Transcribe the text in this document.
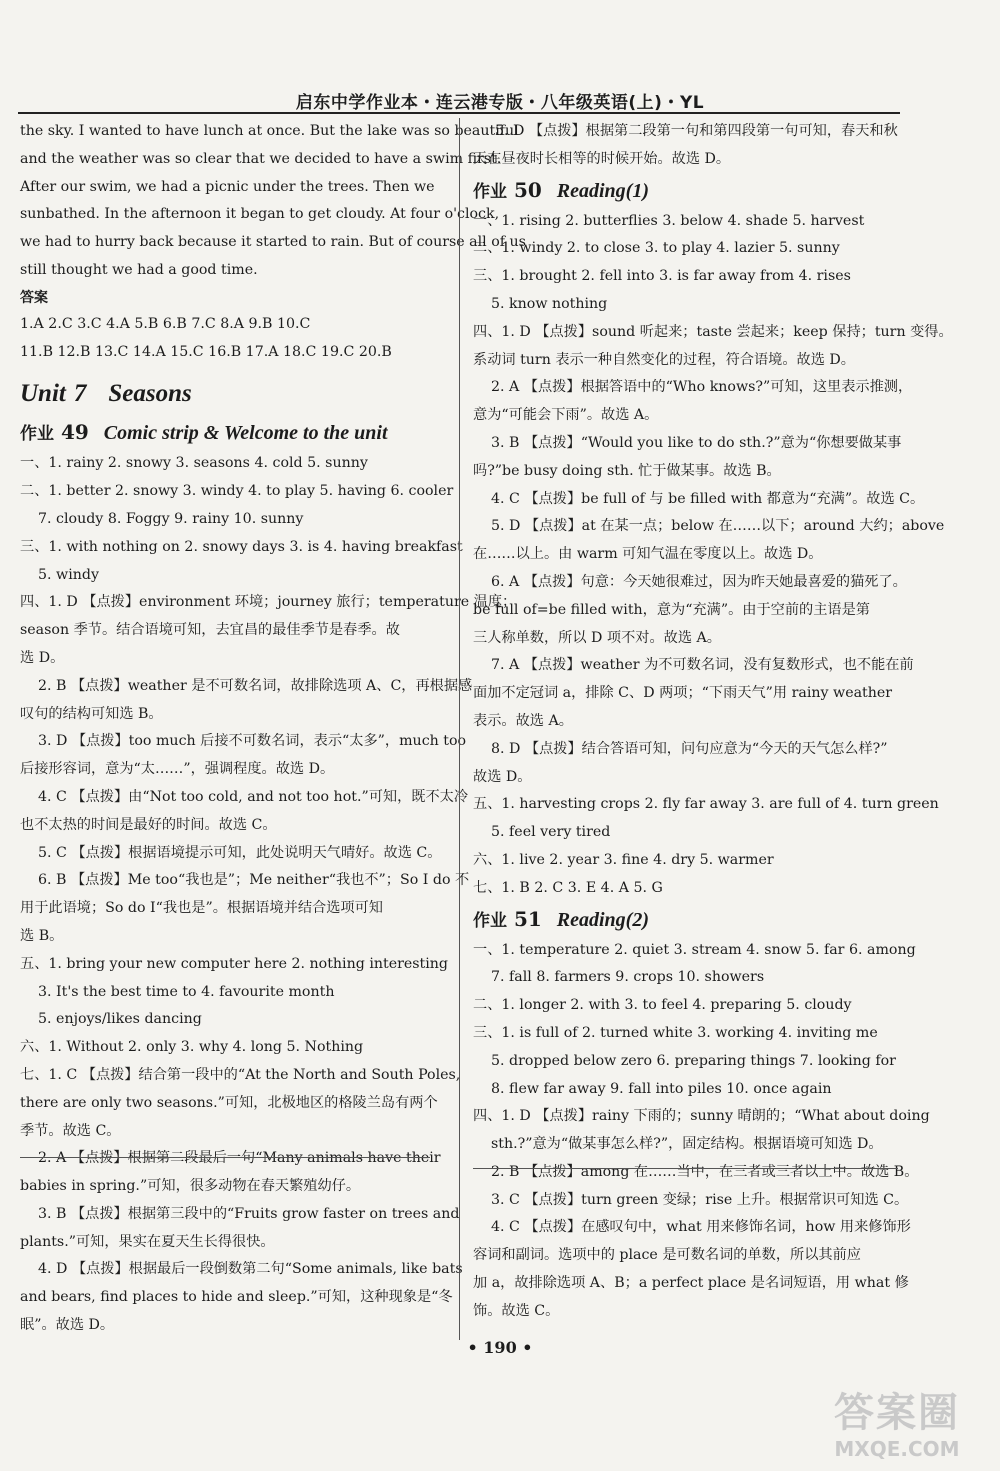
启东中学作业本・连云港专版・八年级英语(上)・YL
the sky. I wanted to have lunch at once. But the lake was so beautiful
and the weather was so clear that we decided to have a swim first.
After our swim, we had a picnic under the trees. Then we
sunbathed. In the afternoon it began to get cloudy. At four o'clock,
we had to hurry back because it started to rain. But of course all of us
still thought we had a good time.
答案
1.A 2.C 3.C 4.A 5.B 6.B 7.C 8.A 9.B 10.C
11.B 12.B 13.C 14.A 15.C 16.B 17.A 18.C 19.C 20.B
Unit 7 Seasons
作业 49 Comic strip & Welcome to the unit
一、1. rainy 2. snowy 3. seasons 4. cold 5. sunny
二、1. better 2. snowy 3. windy 4. to play 5. having 6. cooler
7. cloudy 8. Foggy 9. rainy 10. sunny
三、1. with nothing on 2. snowy days 3. is 4. having breakfast
5. windy
四、1. D 【点拨】environment 环境；journey 旅行；temperature 温度；
season 季节。结合语境可知，去宜昌的最佳季节是春季。故
选 D。
2. B 【点拨】weather 是不可数名词，故排除选项 A、C，再根据感
叹句的结构可知选 B。
3. D 【点拨】too much 后接不可数名词，表示“太多”，much too
后接形容词，意为“太……”，强调程度。故选 D。
4. C 【点拨】由“Not too cold, and not too hot.”可知，既不太冷
也不太热的时间是最好的时间。故选 C。
5. C 【点拨】根据语境提示可知，此处说明天气晴好。故选 C。
6. B 【点拨】Me too“我也是”；Me neither“我也不”；So I do 不
用于此语境；So do I“我也是”。根据语境并结合选项可知
选 B。
五、1. bring your new computer here 2. nothing interesting
3. It's the best time to 4. favourite month
5. enjoys/likes dancing
六、1. Without 2. only 3. why 4. long 5. Nothing
七、1. C 【点拨】结合第一段中的“At the North and South Poles,
there are only two seasons.”可知，北极地区的格陵兰岛有两个
季节。故选 C。
2. A 【点拨】根据第二段最后一句“Many animals have their
babies in spring.”可知，很多动物在春天繁殖幼仔。
3. B 【点拨】根据第三段中的“Fruits grow faster on trees and
plants.”可知，果实在夏天生长得很快。
4. D 【点拨】根据最后一段倒数第二句“Some animals, like bats
and bears, find places to hide and sleep.”可知，这种现象是“冬
眠”。故选 D。
5. D 【点拨】根据第二段第一句和第四段第一句可知，春天和秋
天在昼夜时长相等的时候开始。故选 D。
作业 50 Reading(1)
一、1. rising 2. butterflies 3. below 4. shade 5. harvest
二、1. windy 2. to close 3. to play 4. lazier 5. sunny
三、1. brought 2. fell into 3. is far away from 4. rises
5. know nothing
四、1. D 【点拨】sound 听起来；taste 尝起来；keep 保持；turn 变得。
系动词 turn 表示一种自然变化的过程，符合语境。故选 D。
2. A 【点拨】根据答语中的“Who knows?”可知，这里表示推测，
意为“可能会下雨”。故选 A。
3. B 【点拨】“Would you like to do sth.?”意为“你想要做某事
吗?”be busy doing sth. 忙于做某事。故选 B。
4. C 【点拨】be full of 与 be filled with 都意为“充满”。故选 C。
5. D 【点拨】at 在某一点；below 在……以下；around 大约；above
在……以上。由 warm 可知气温在零度以上。故选 D。
6. A 【点拨】句意：今天她很难过，因为昨天她最喜爱的猫死了。
be full of=be filled with，意为“充满”。由于空前的主语是第
三人称单数，所以 D 项不对。故选 A。
7. A 【点拨】weather 为不可数名词，没有复数形式，也不能在前
面加不定冠词 a，排除 C、D 两项；“下雨天气”用 rainy weather
表示。故选 A。
8. D 【点拨】结合答语可知，问句应意为“今天的天气怎么样?”
故选 D。
五、1. harvesting crops 2. fly far away 3. are full of 4. turn green
5. feel very tired
六、1. live 2. year 3. fine 4. dry 5. warmer
七、1. B 2. C 3. E 4. A 5. G
作业 51 Reading(2)
一、1. temperature 2. quiet 3. stream 4. snow 5. far 6. among
7. fall 8. farmers 9. crops 10. showers
二、1. longer 2. with 3. to feel 4. preparing 5. cloudy
三、1. is full of 2. turned white 3. working 4. inviting me
5. dropped below zero 6. preparing things 7. looking for
8. flew far away 9. fall into piles 10. once again
四、1. D 【点拨】rainy 下雨的；sunny 晴朗的；“What about doing
sth.?”意为“做某事怎么样?”，固定结构。根据语境可知选 D。
2. B 【点拨】among 在……当中，在三者或三者以上中。故选 B。
3. C 【点拨】turn green 变绿；rise 上升。根据常识可知选 C。
4. C 【点拨】在感叹句中，what 用来修饰名词，how 用来修饰形
容词和副词。选项中的 place 是可数名词的单数，所以其前应
加 a，故排除选项 A、B；a perfect place 是名词短语，用 what 修
饰。故选 C。
• 190 •
答案圈
MXQE.COM
